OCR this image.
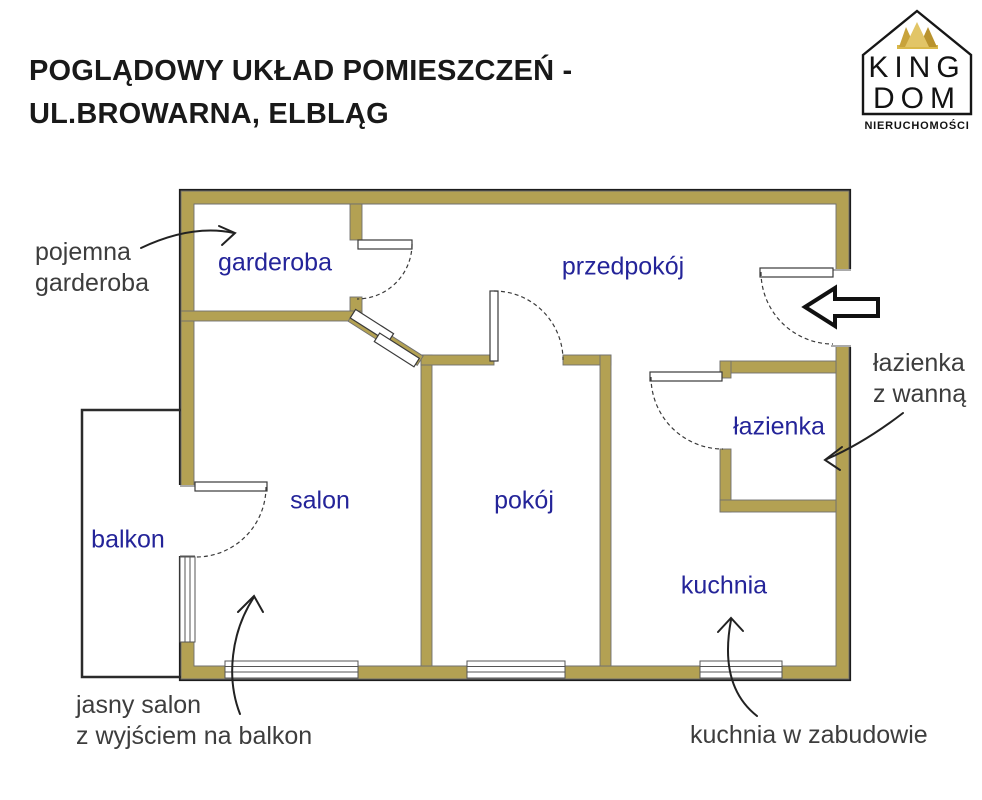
POGLĄDOWY UKŁAD POMIESZCZEŃ -
UL.BROWARNA, ELBLĄG
KING
DOM
NIERUCHOMOŚCI
garderoba	przedpokój
salon	pokój
łazienka
kuchnia
balkon
pojemna
garderoba
łazienka
z wanną
jasny salon
z wyjściem na balkon	kuchnia w zabudowie
